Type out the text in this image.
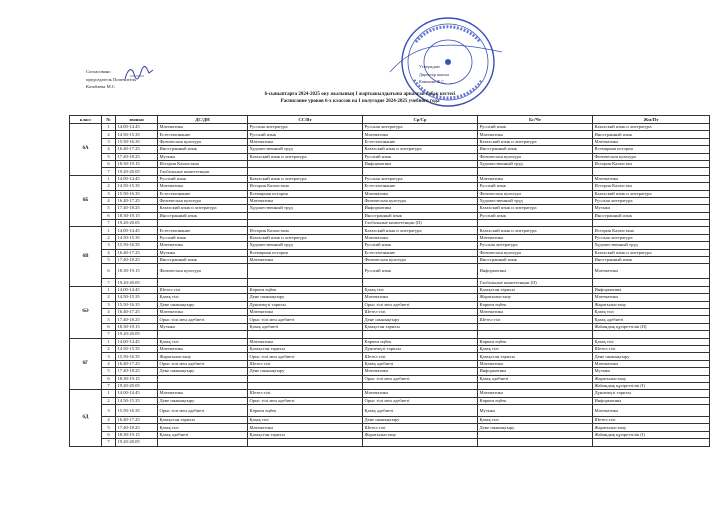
Согласовано
председатель Попечитель
Казабаева М.С
Утверждаю
Директор школы
Какенова Ж.С
6-сыныптарға 2024-2025 оку жылының I жартыжылдығына арналған сабак кестесі
Расписание уроков 6-х классов на I полугодие 2024-2025 учебного года
класс	№	звонки	ДС/ДН	СС/Вт	Ср/Ср	Бс/Чт	Жм/Пт
6А	1	14.00-14.45	Математика	Русская литература	Русская литература	Русский язык	Казахский язык и литература
	2	14.50-15.35	Естествознание	Русский язык	Математика	Математика	Иностранный язык
	3	15.50-16.35	Физическая культура	Математика	Естествознание	Казахский язык и литература	Математика
	4	16.40-17.25	Иностранный язык	Художественный труд	Казахский язык и литература	Иностранный язык	Всемирная история
	5	17.40-18.25	Музыка	Казахский язык и литература	Русский язык	Физическая культура	Физическая культура
	6	18.30-19.15	История Казахстана		Информатика	Художественный труд	История Казахстан
	7	19.20-20.05	Глобальные компетенции				
6Б	1	14.00-14.45	Русский язык	Казахский язык и литература	Русская литература	Математика	Математика
	2	14.50-15.35	Математика	История Казахстана	Естествознание	Русский язык	История Казахстан
	3	15.50-16.35	Естествознание	Всемирная история	Математика	Физическая культура	Казахский язык и литература
	4	16.40-17.25	Физическая культура	Математика	Физическая культура	Художественный труд	Русская литература
	5	17.40-18.25	Казахский язык и литература	Художественный труд	Информатика	Казахский язык и литература	Музыка
	6	18.30-19.15	Иностранный язык		Иностранный язык	Русский язык	Иностранный язык
	7	19.20-20.05			Глобальные компетенции (II)		
6В	1	14.00-14.45	Естествознание	История Казахстана	Казахский язык и литература	Казахский язык и литература	История Казахстана
	2	14.50-15.35	Русский язык	Казахский язык и литература	Математика	Математика	Русская литература
	3	15.50-16.35	Математика	Художественный труд	Русский язык	Русская литература	Художественный труд
	4	16.40-17.25	Музыка	Всемирная история	Естествознание	Физическая культура	Казахский язык и литература
	5	17.40-18.25	Иностранный язык	Математика	Физическая культура	Иностранный язык	Иностранный язык
	6	18.30-19.15	Физическая культура		Русский язык	Информатика	Математика
	7	19.20-20.05				Глобальные компетенции (II)	
6Ә	1	14.00-14.45	Шетел тілі	Көркем еңбек	Қазақ тілі	Қазақстан тарихы	Информатика
	2	14.50-15.35	Қазақ тілі	Дене шынықтыру	Математика	Жаратылыстану	Математика
	3	15.50-16.35	Дене шынықтыру	Дүниежүзі тарихы	Орыс тілі мен әдебиеті	Көркем еңбек	Жаратылыстану
	4	16.40-17.25	Математика	Математика	Шетел тілі	Математика	Қазақ тілі
	5	17.40-18.25	Орыс тілі мен әдебиеті	Орыс тілі мен әдебиеті	Дене шынықтыру	Шетел тілі	Қазақ әдебиеті
	6	18.30-19.15	Музыка	Қазақ әдебиеті	Қазақстан тарихы		Жаһандық құзіреттілік (II)
	7	19.20-20.05					
6Г	1	14.00-14.45	Қазақ тілі	Математика	Көркем еңбек	Көркем еңбек	Қазақ тілі
	2	14.50-15.35	Математика	Қазақстан тарихы	Дүниежүзі тарихы	Қазақ тілі	Шетел тілі
	3	15.50-16.35	Жаратылыстану	Орыс тілі мен әдебиеті	Шетел тілі	Қазақстан тарихы	Дене шынықтыру
	4	16.40-17.25	Орыс тілі мен әдебиеті	Шетел тілі	Қазақ әдебиеті	Математика	Математика
	5	17.40-18.25	Дене шынықтыру	Дене шынықтыру	Математика	Информатика	Музыка
	6	18.30-19.15			Орыс тілі мен әдебиеті	Қазақ әдебиеті	Жаратылыстану
	7	19.20-20.05					Жаһандық құзіреттілік (I)
6Д	1	14.00-14.45	Математика	Шетел тілі	Математика	Математика	Дүниежүзі тарихы
	2	14.50-15.35	Дене шынықтыру	Орыс тілі мен әдебиеті	Орыс тілі мен әдебиеті	Көркем еңбек	Информатика
	3	15.50-16.35	Орыс тілі мен әдебиеті	Көркем еңбек	Қазақ әдебиеті	Музыка	Математика
	4	16.40-17.25	Қазақстан тарихы	Қазақ тілі	Дене шынықтыру	Қазақ тілі	Шетел тілі
	5	17.40-18.25	Қазақ тілі	Математика	Шетел тілі	Дене шынықтыру	Жаратылыстану
	6	18.30-19.15	Қазақ әдебиеті	Қазақстан тарихы	Жаратылыстану		Жаһандық құзіреттілік (I)
	7	19.20-20.05					
